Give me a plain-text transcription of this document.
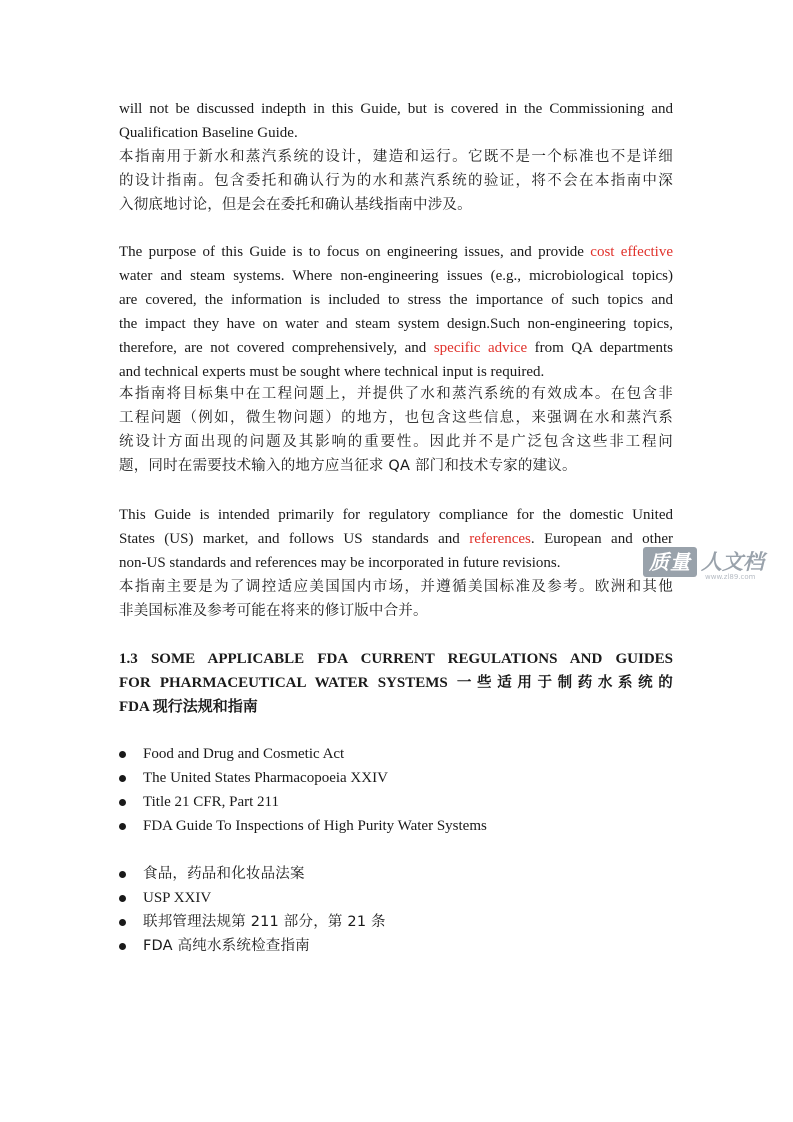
will not be discussed indepth in this Guide, but is covered in the Commissioning and
Qualification Baseline Guide.
本指南用于新水和蒸汽系统的设计，建造和运行。它既不是一个标准也不是详细
的设计指南。包含委托和确认行为的水和蒸汽系统的验证，将不会在本指南中深
入彻底地讨论，但是会在委托和确认基线指南中涉及。
The purpose of this Guide is to focus on engineering issues, and provide cost effective
water and steam systems. Where non-engineering issues (e.g., microbiological topics)
are covered, the information is included to stress the importance of such topics and
the impact they have on water and steam system design.Such non-engineering topics,
therefore, are not covered comprehensively, and specific advice from QA departments
and technical experts must be sought where technical input is required.
本指南将目标集中在工程问题上，并提供了水和蒸汽系统的有效成本。在包含非
工程问题（例如，微生物问题）的地方，也包含这些信息，来强调在水和蒸汽系
统设计方面出现的问题及其影响的重要性。因此并不是广泛包含这些非工程问
题，同时在需要技术输入的地方应当征求 QA 部门和技术专家的建议。
This Guide is intended primarily for regulatory compliance for the domestic United
States (US) market, and follows US standards and references. European and other
non-US standards and references may be incorporated in future revisions.
本指南主要是为了调控适应美国国内市场，并遵循美国标准及参考。欧洲和其他
非美国标准及参考可能在将来的修订版中合并。
1.3 SOME APPLICABLE FDA CURRENT REGULATIONS AND GUIDES
FOR PHARMACEUTICAL WATER SYSTEMS 一些适用于制药水系统的
FDA 现行法规和指南
Food and Drug and Cosmetic Act
The United States Pharmacopoeia XXIV
Title 21 CFR, Part 211
FDA Guide To Inspections of High Purity Water Systems
食品，药品和化妆品法案
USP XXIV
联邦管理法规第 211 部分，第 21 条
FDA 高纯水系统检查指南
质量 人文档
www.zl89.com
